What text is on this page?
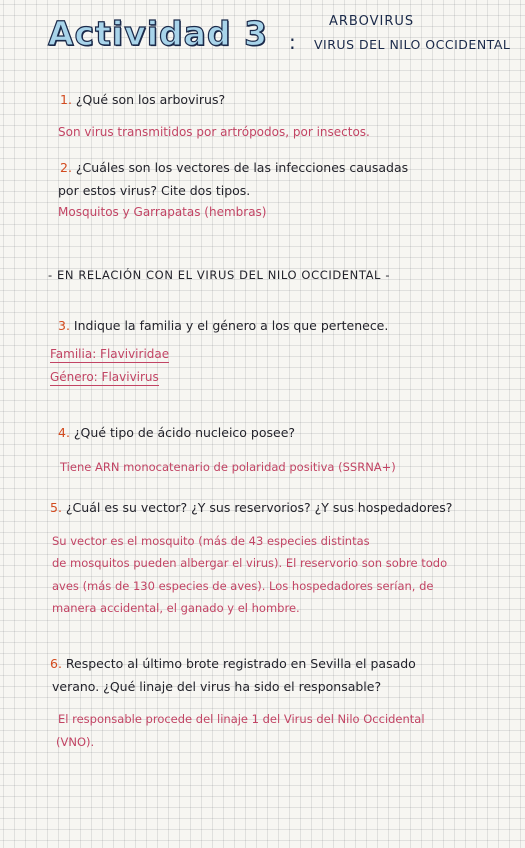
Actividad 3 :
ARBOVIRUS
VIRUS DEL NILO OCCIDENTAL
1. ¿Qué son los arbovirus?
Son virus transmitidos por artrópodos, por insectos.
2. ¿Cuáles son los vectores de las infecciones causadas
por estos virus? Cite dos tipos.
Mosquitos y Garrapatas (hembras)
- EN RELACIÓN CON EL VIRUS DEL NILO OCCIDENTAL -
3. Indique la familia y el género a los que pertenece.
Familia: Flaviviridae
Género: Flavivirus
4. ¿Qué tipo de ácido nucleico posee?
Tiene ARN monocatenario de polaridad positiva (SSRNA+)
5. ¿Cuál es su vector? ¿Y sus reservorios? ¿Y sus hospedadores?
Su vector es el mosquito (más de 43 especies distintas
de mosquitos pueden albergar el virus). El reservorio son sobre todo
aves (más de 130 especies de aves). Los hospedadores serían, de
manera accidental, el ganado y el hombre.
6. Respecto al último brote registrado en Sevilla el pasado
verano. ¿Qué linaje del virus ha sido el responsable?
El responsable procede del linaje 1 del Virus del Nilo Occidental
(VNO).
